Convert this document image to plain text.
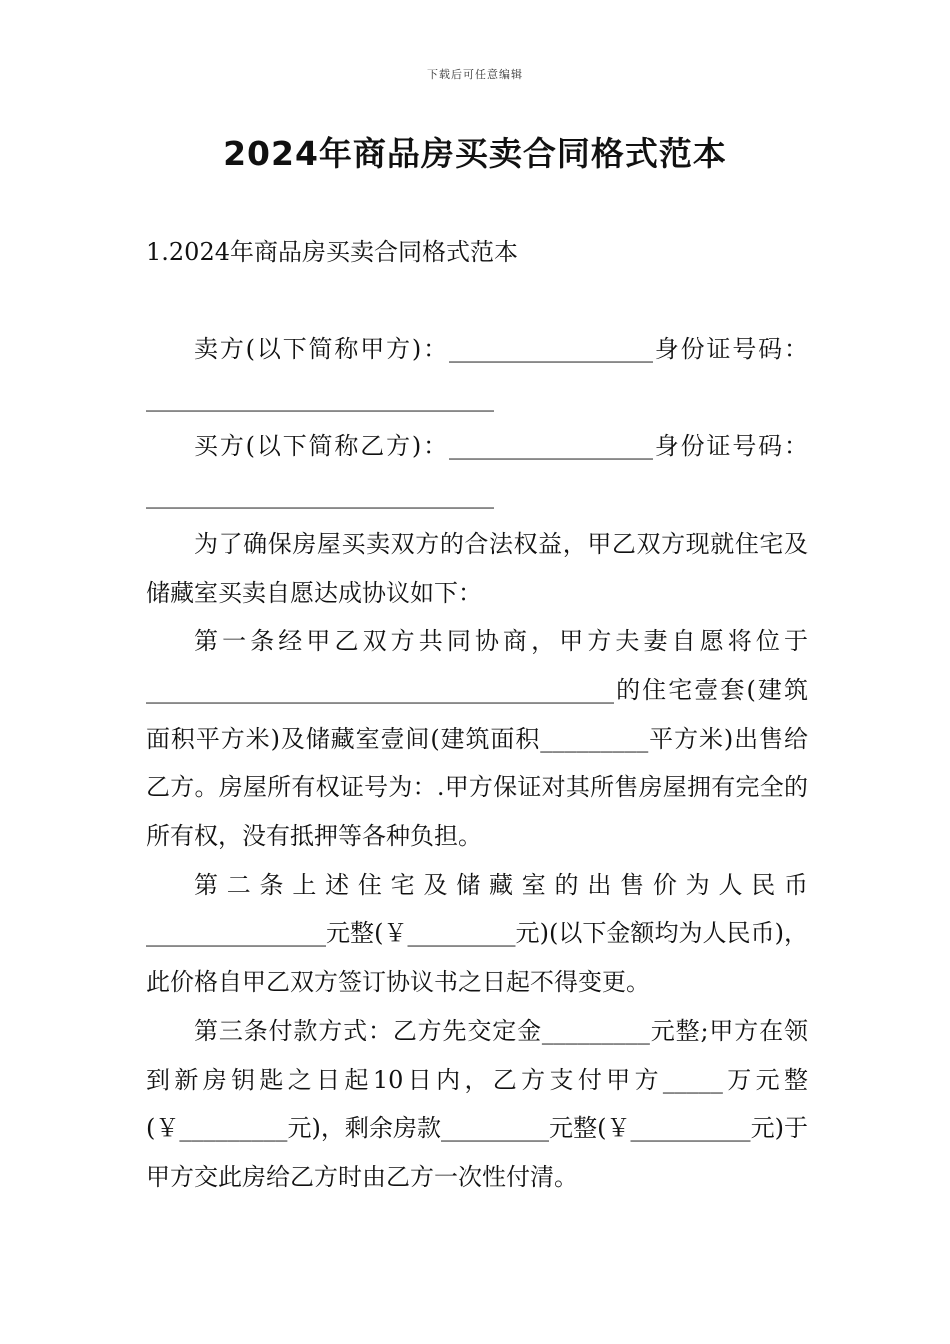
下载后可任意编辑
2024年商品房买卖合同格式范本
1.2024年商品房买卖合同格式范本

卖方(以下简称甲方)：_________________身份证号码：_____________________________

买方(以下简称乙方)：_________________身份证号码：_____________________________

为了确保房屋买卖双方的合法权益，甲乙双方现就住宅及储藏室买卖自愿达成协议如下：

第一条经甲乙双方共同协商，甲方夫妻自愿将位于_______________________________________的住宅壹套(建筑面积平方米)及储藏室壹间(建筑面积_________平方米)出售给乙方。房屋所有权证号为：.甲方保证对其所售房屋拥有完全的所有权，没有抵押等各种负担。

第二条上述住宅及储藏室的出售价为人民币_______________元整(￥_________元)(以下金额均为人民币)，此价格自甲乙双方签订协议书之日起不得变更。

第三条付款方式：乙方先交定金_________元整;甲方在领到新房钥匙之日起10日内，乙方支付甲方_____万元整(￥_________元)，剩余房款_________元整(￥__________元)于甲方交此房给乙方时由乙方一次性付清。
